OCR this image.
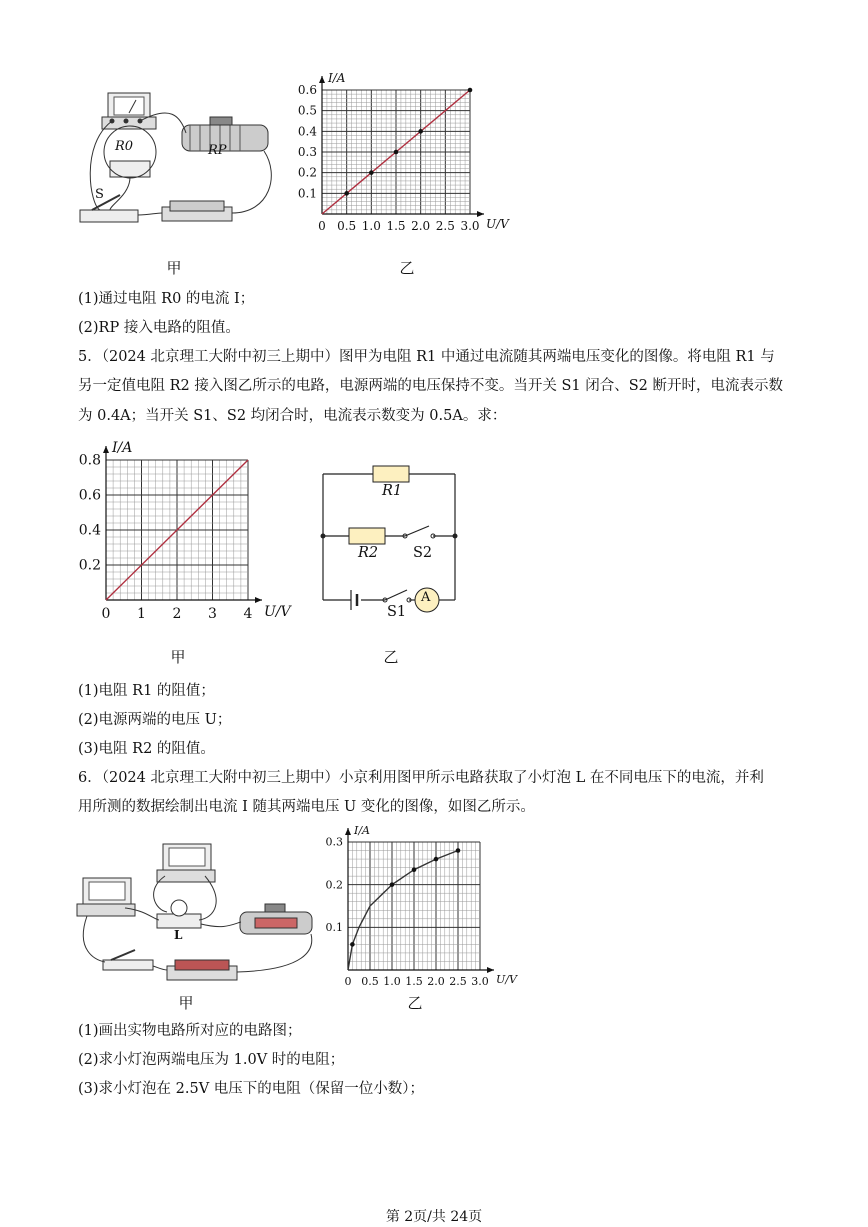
R0	RP
S
甲
0 0.5 1.0 1.5 2.0 2.5 3.0
0.1
0.2
0.3
0.4
0.5
0.6
U/V
I/A
乙
(1)通过电阻 R0 的电流 I；
(2)RP 接入电路的阻值。
5．（2024 北京理工大附中初三上期中）图甲为电阻 R1 中通过电流随其两端电压变化的图像。将电阻 R1 与
另一定值电阻 R2 接入图乙所示的电路，电源两端的电压保持不变。当开关 S1 闭合、S2 断开时，电流表示数
为 0.4A；当开关 S1、S2 均闭合时，电流表示数变为 0.5A。求：
0 1 2 3 4
0.2
0.4
0.6
0.8
U/V
I/A
甲
R1
R2 S2
S1
A
乙
(1)电阻 R1 的阻值；
(2)电源两端的电压 U；
(3)电阻 R2 的阻值。
6．（2024 北京理工大附中初三上期中）小京利用图甲所示电路获取了小灯泡 L 在不同电压下的电流，并利
用所测的数据绘制出电流 I 随其两端电压 U 变化的图像，如图乙所示。
L
甲
0 0.5 1.0 1.5 2.0 2.5 3.0
0.1
0.2
0.3
U/V
I/A
乙
(1)画出实物电路所对应的电路图；
(2)求小灯泡两端电压为 1.0V 时的电阻；
(3)求小灯泡在 2.5V 电压下的电阻（保留一位小数）；
第 2页/共 24页
